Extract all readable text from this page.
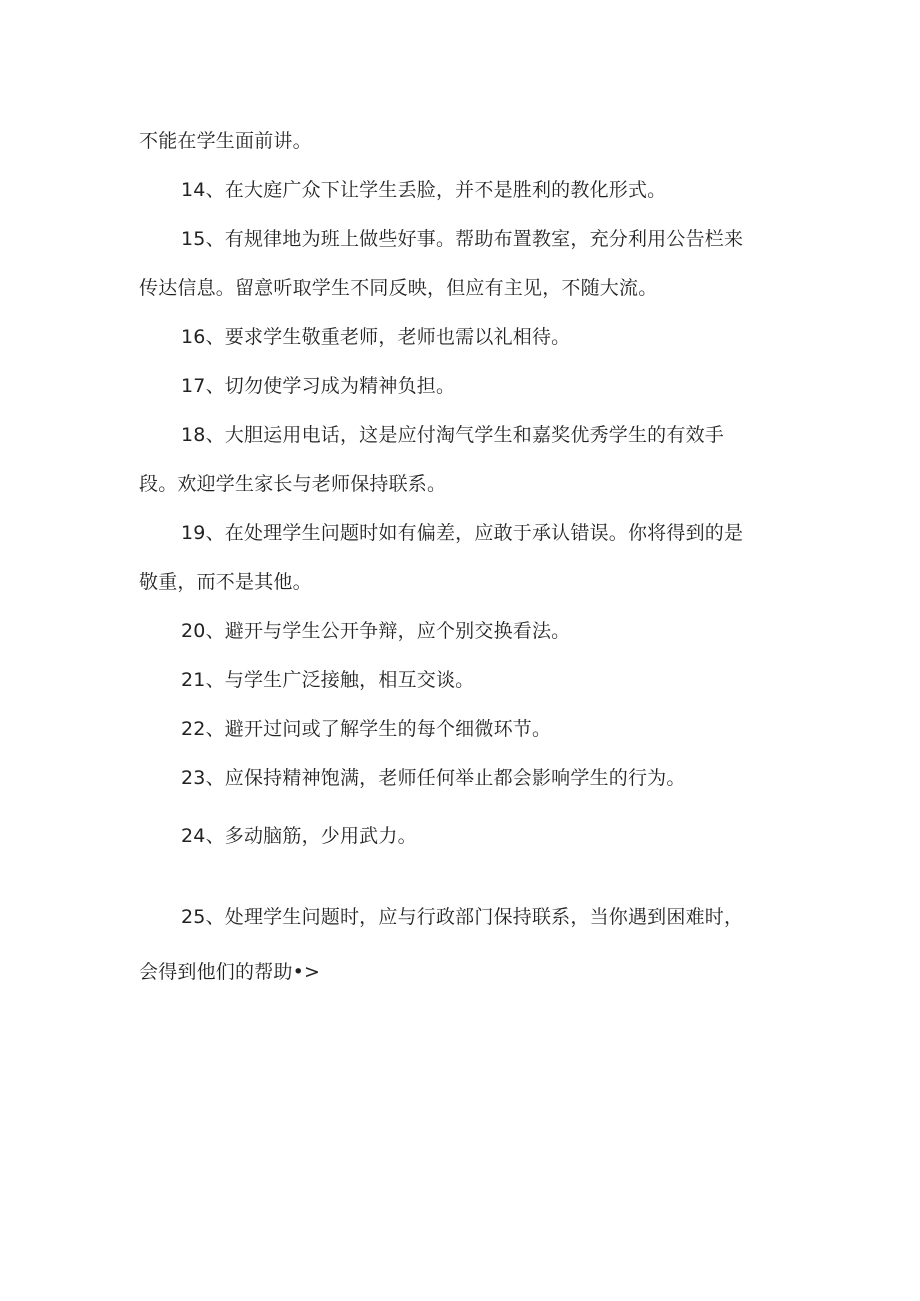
不能在学生面前讲。
14、在大庭广众下让学生丢脸，并不是胜利的教化形式。
15、有规律地为班上做些好事。帮助布置教室，充分利用公告栏来
传达信息。留意听取学生不同反映，但应有主见，不随大流。
16、要求学生敬重老师，老师也需以礼相待。
17、切勿使学习成为精神负担。
18、大胆运用电话，这是应付淘气学生和嘉奖优秀学生的有效手
段。欢迎学生家长与老师保持联系。
19、在处理学生问题时如有偏差，应敢于承认错误。你将得到的是
敬重，而不是其他。
20、避开与学生公开争辩，应个别交换看法。
21、与学生广泛接触，相互交谈。
22、避开过问或了解学生的每个细微环节。
23、应保持精神饱满，老师任何举止都会影响学生的行为。
24、多动脑筋，少用武力。
25、处理学生问题时，应与行政部门保持联系，当你遇到困难时，
会得到他们的帮助•>
